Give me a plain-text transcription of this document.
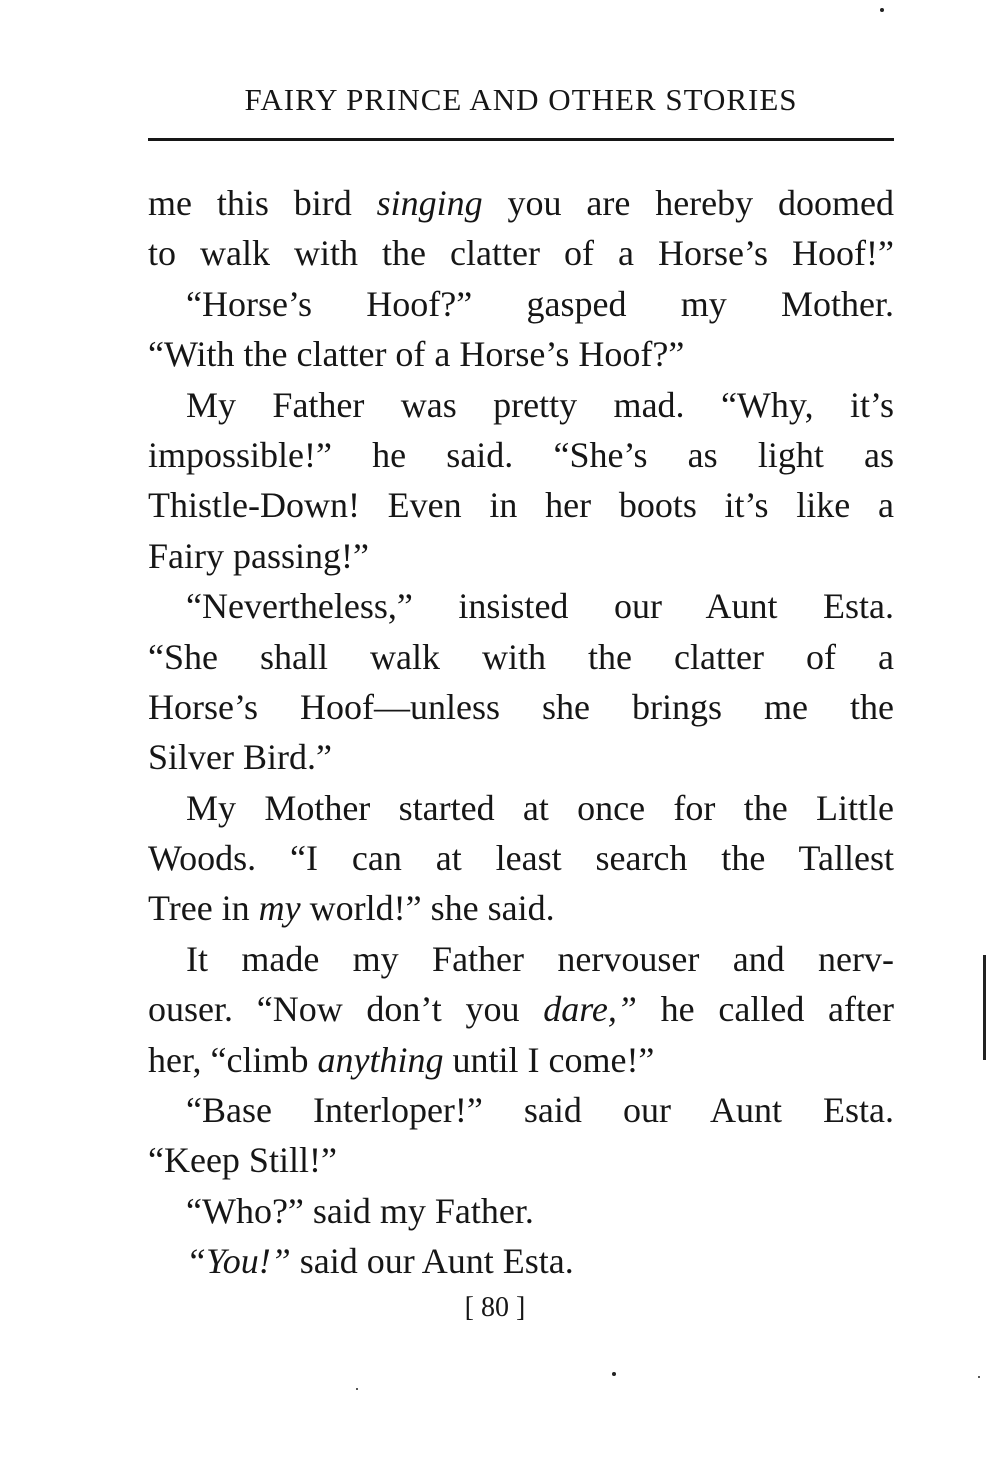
FAIRY PRINCE AND OTHER STORIES
me this bird singing you are hereby doomed
to walk with the clatter of a Horse’s Hoof!”
“Horse’s Hoof?” gasped my Mother.
“With the clatter of a Horse’s Hoof?”
My Father was pretty mad. “Why, it’s
impossible!” he said. “She’s as light as
Thistle-Down! Even in her boots it’s like a
Fairy passing!”
“Nevertheless,” insisted our Aunt Esta.
“She shall walk with the clatter of a
Horse’s Hoof—unless she brings me the
Silver Bird.”
My Mother started at once for the Little
Woods. “I can at least search the Tallest
Tree in my world!” she said.
It made my Father nervouser and nerv-
ouser. “Now don’t you dare,” he called after
her, “climb anything until I come!”
“Base Interloper!” said our Aunt Esta.
“Keep Still!”
“Who?” said my Father.
“You!” said our Aunt Esta.
[ 80 ]
